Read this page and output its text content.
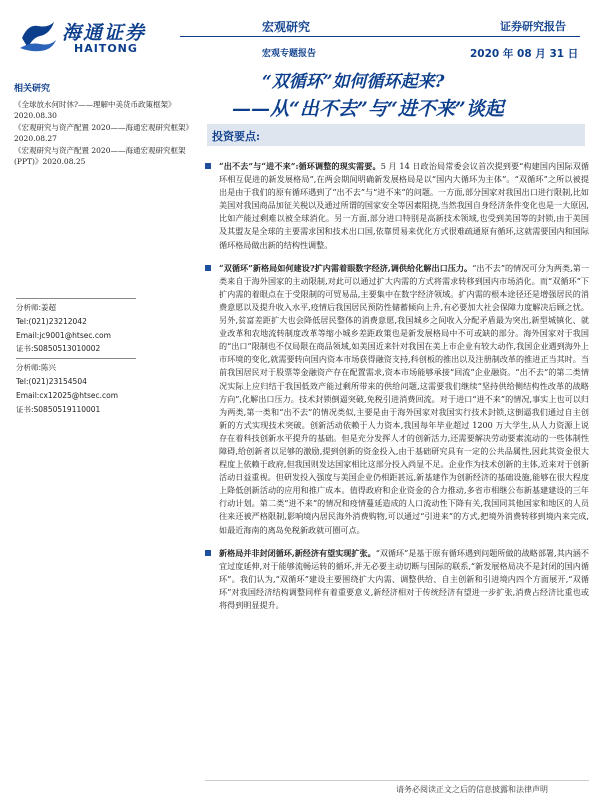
海通证券
HAITONG
宏观研究
宏观专题报告
证券研究报告
2020 年 08 月 31 日
“双循环”如何循环起来?
——从“出不去”与“进不来”谈起
相关研究
《全球放水何时休?——理解中美货币政策框架》2020.08.30
《宏观研究与资产配置 2020——海通宏观研究框架》2020.08.27
《宏观研究与资产配置 2020——海通宏观研究框架(PPT)》2020.08.25
分析师:姜超
Tel:(021)23212042
Email:jc9001@htsec.com
证书:S0850513010002
分析师:陈兴
Tel:(021)23154504
Email:cx12025@htsec.com
证书:S0850519110001
投资要点:
“出不去”与“进不来”:循环调整的现实需要。5 月 14 日政治局常委会议首次提到要“构建国内国际双循环相互促进的新发展格局”,在两会期间明确新发展格局是以“国内大循环为主体”。“双循环”之所以被提出是由于我们的原有循环遇到了“出不去”与“进不来”的问题。一方面,部分国家对我国出口进行限制,比如美国对我国商品加征关税以及通过所谓的国家安全等因素阻挠,当然我国自身经济条件变化也是一大原因,比如产能过剩难以被全球消化。另一方面,部分进口特别是高新技术领域,也受到美国等的封锁,由于美国及其盟友是全球的主要需求国和技术出口国,依靠贸易来优化方式很难疏通原有循环,这就需要国内和国际循环格局做出新的结构性调整。
“双循环”新格局如何建设?扩内需着眼数字经济,调供给化解出口压力。“出不去”的情况可分为两类,第一类来自于海外国家的主动限制,对此可以通过扩大内需的方式将需求转移到国内市场消化。而“双循环”下扩内需的着眼点在于受限制的可贸易品,主要集中在数字经济领域。扩内需的根本途径还是增强居民的消费意愿以及提升收入水平,疫情后我国居民预防性储蓄倾向上升,有必要加大社会保障力度解决后顾之忧。另外,贫富差距扩大也会降低居民整体的消费意愿,我国城乡之间收入分配矛盾最为突出,新型城镇化、就业改革和农地流转制度改革等缩小城乡差距政策也是新发展格局中不可或缺的部分。海外国家对于我国的“出口”限制也不仅局限在商品领域,如美国近来针对我国在美上市企业有较大动作,我国企业遇到海外上市环境的变化,就需要转向国内资本市场获得融资支持,科创板的推出以及注册制改革的推进正当其时。当前我国居民对于股票等金融资产存在配置需求,资本市场能够承接“回流”企业融资。“出不去”的第二类情况实际上应归结于我国低效产能过剩所带来的供给问题,这需要我们继续“坚持供给侧结构性改革的战略方向”,化解出口压力。技术封锁倒逼突破,免税引进消费回流。对于进口“进不来”的情况,事实上也可以归为两类,第一类和“出不去”的情况类似,主要是由于海外国家对我国实行技术封锁,这倒逼我们通过自主创新的方式实现技术突破。创新活动依赖于人力资本,我国每年毕业超过 1200 万大学生,从人力资源上说存在着科技创新水平提升的基础。但是充分发挥人才的创新活力,还需要解决劳动要素流动的一些体制性障碍,给创新者以足够的激励,提到创新的资金投入,由于基础研究具有一定的公共品属性,因此其资金很大程度上依赖于政府,但我国则发达国家相比这部分投入尚显不足。企业作为技术创新的主体,近来对于创新活动日益重视。但研发投入强度与美国企业仍相距甚远,新基建作为创新经济的基础设施,能够在很大程度上降低创新活动的应用和推广成本。值得政府和企业资金的合力推动,多省市相继公布新基建建设的三年行动计划。第二类“进不来”的情况和疫情蔓延造成的人口流动性下降有关,我国同其他国家和地区的人员往来还被严格限制,影响境内居民海外消费购物,可以通过“引进来”的方式,把境外消费转移到境内来完成,如最近海南的离岛免税新政就可圈可点。
新格局并非封闭循环,新经济有望实现扩张。“双循环”是基于原有循环遇到问题所做的战略部署,其内涵不宜过度延伸,对于能够流畅运转的循环,并无必要主动切断与国际的联系,“新发展格局决不是封闭的国内循环”。我们认为,“双循环”建设主要围绕扩大内需、调整供给、自主创新和引进境内四个方面展开,“双循环”对我国经济结构调整同样有着重要意义,新经济相对于传统经济有望进一步扩张,消费占经济比重也或将得到明显提升。
请务必阅读正文之后的信息披露和法律声明
